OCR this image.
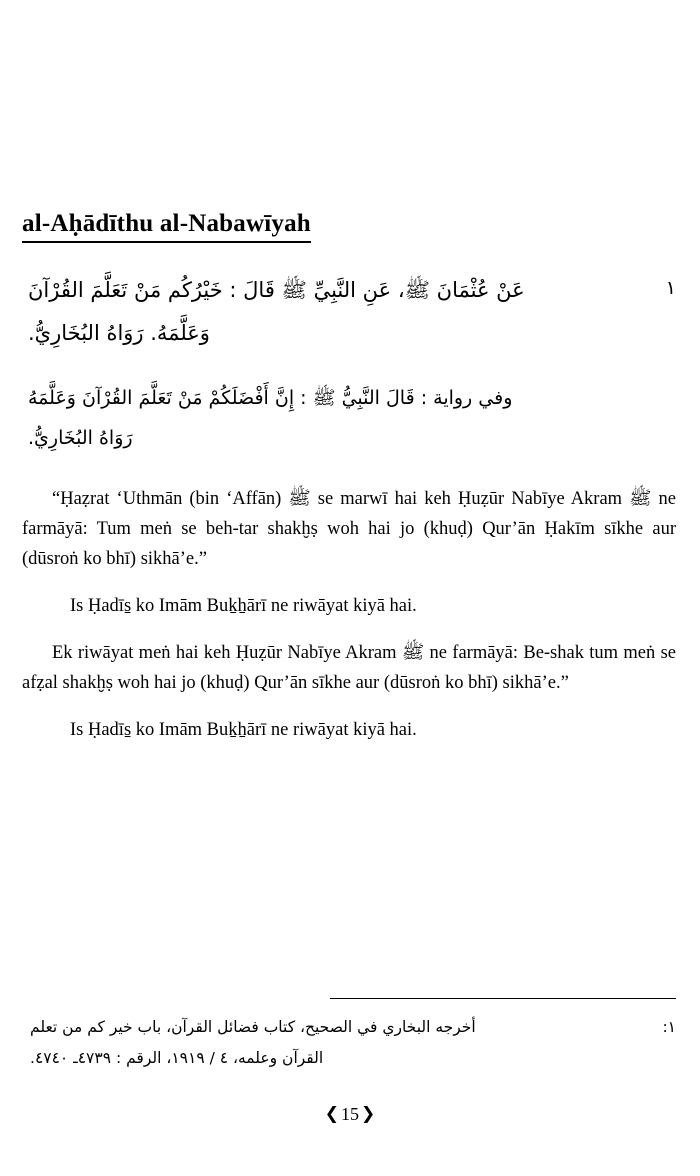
al-Aḥādīthu al-Nabawīyah
١
عَنْ عُثْمَانَ ﷺ، عَنِ النَّبِيِّ ﷺ قَالَ : خَيْرُكُم مَنْ تَعَلَّمَ القُرْآنَ
وَعَلَّمَهُ. رَوَاهُ البُخَارِيُّ.
وفي رواية : قَالَ النَّبِيُّ ﷺ : إِنَّ أَفْضَلَكُمْ مَنْ تَعَلَّمَ القُرْآنَ وَعَلَّمَهُ
رَوَاهُ البُخَارِيُّ.

“Ḥaẓrat ‘Uthmān (bin ‘Affān) ﷺ se marwī hai keh Ḥuẓūr Nabīye Akram ﷺ ne farmāyā: Tum meṅ se beh-tar shakḫṣ woh hai jo (khuḍ) Qur’ān Ḥakīm sīkhe aur (dūsroṅ ko bhī) sikhā’e.”

Is Ḥadīs̱ ko Imām Buḵẖārī ne riwāyat kiyā hai.

Ek riwāyat meṅ hai keh Ḥuẓūr Nabīye Akram ﷺ ne farmāyā: Be-shak tum meṅ se afẓal shakḫṣ woh hai jo (khuḍ) Qur’ān sīkhe aur (dūsroṅ ko bhī) sikhā’e.”

Is Ḥadīs̱ ko Imām Buḵẖārī ne riwāyat kiyā hai.

١:
أخرجه البخاري في الصحيح، كتاب فضائل القرآن، باب خير كم من تعلم
القرآن وعلمه، ٤ / ١٩١٩، الرقم : ٤٧٣٩ـ ٤٧٤٠.
❮ 15 ❯
